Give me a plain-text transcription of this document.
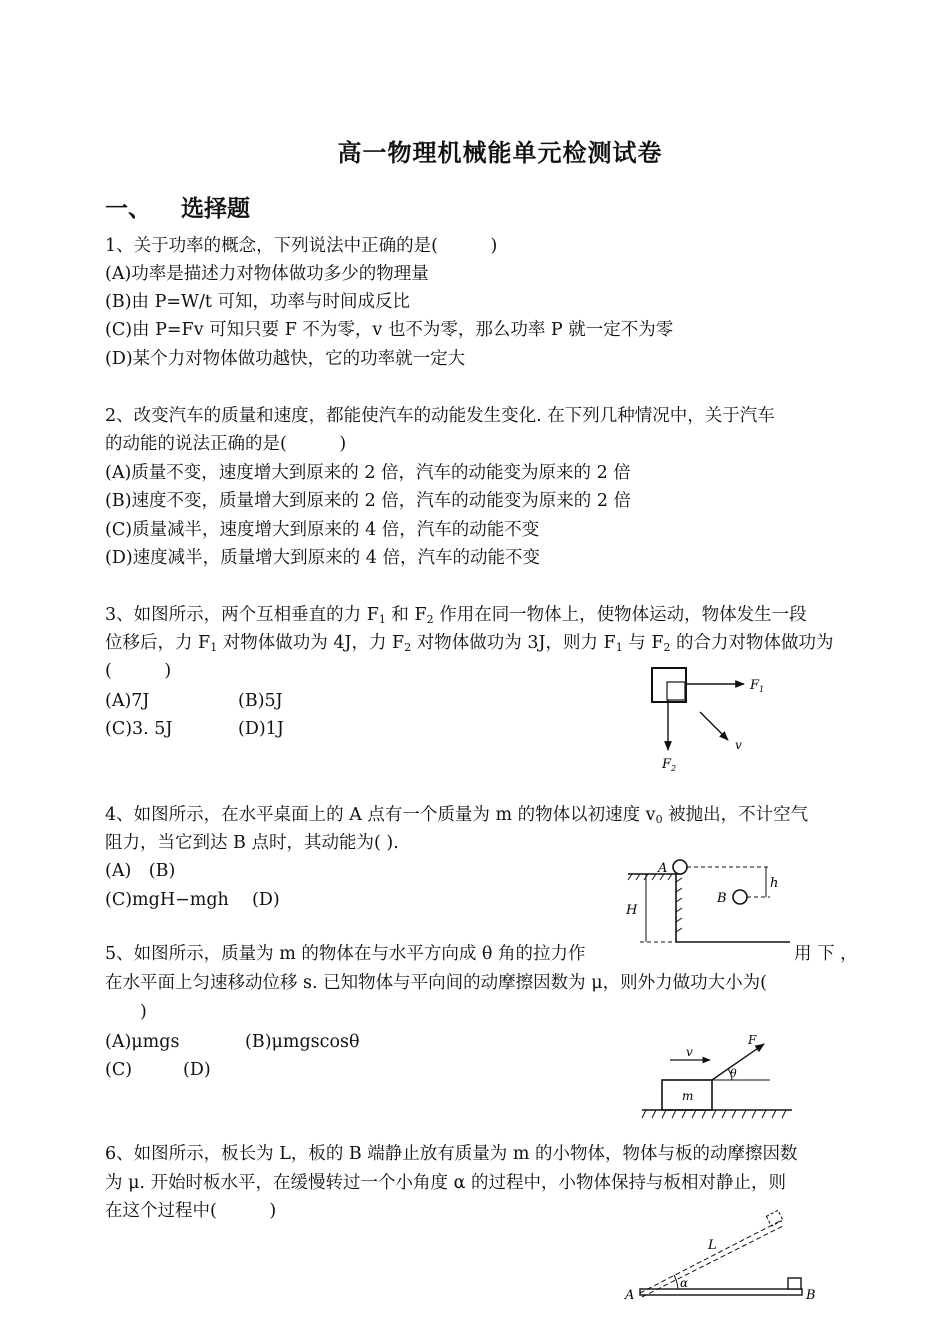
高一物理机械能单元检测试卷
一、 选择题
1、关于功率的概念，下列说法中正确的是(　　　)
(A)功率是描述力对物体做功多少的物理量
(B)由 P=W/t 可知，功率与时间成反比
(C)由 P=Fv 可知只要 F 不为零，v 也不为零，那么功率 P 就一定不为零
(D)某个力对物体做功越快，它的功率就一定大
2、改变汽车的质量和速度，都能使汽车的动能发生变化. 在下列几种情况中，关于汽车
的动能的说法正确的是(　　　)
(A)质量不变，速度增大到原来的 2 倍，汽车的动能变为原来的 2 倍
(B)速度不变，质量增大到原来的 2 倍，汽车的动能变为原来的 2 倍
(C)质量减半，速度增大到原来的 4 倍，汽车的动能不变
(D)速度减半，质量增大到原来的 4 倍，汽车的动能不变
3、如图所示，两个互相垂直的力 $F_1$ 和 $F_2$ 作用在同一物体上，使物体运动，物体发生一段
位移后，力 $F_1$ 对物体做功为 4J，力 $F_2$ 对物体做功为 3J，则力 $F_1$ 与 $F_2$ 的合力对物体做功为
(　　　)
(A)7J	(B)5J
(C)3. 5J	(D)1J
$F_1$
$F_2$
v
4、如图所示，在水平桌面上的 A 点有一个质量为 m 的物体以初速度 $v_0$ 被抛出，不计空气
阻力，当它到达 B 点时，其动能为( ).
(A)　(B)
(C)mgH−mgh (D)
A
B
h
H
5、如图所示，质量为 m 的物体在与水平方向成 θ 角的拉力作	用 下 ，
在水平面上匀速移动位移 s. 已知物体与平向间的动摩擦因数为 μ，则外力做功大小为(
)
(A)μmgs	(B)μmgscosθ
(C)	(D)
v
m
θ
F
6、如图所示，板长为 L，板的 B 端静止放有质量为 m 的小物体，物体与板的动摩擦因数
为 μ. 开始时板水平，在缓慢转过一个小角度 α 的过程中，小物体保持与板相对静止，则
在这个过程中(　　　)
α
L
A	B
